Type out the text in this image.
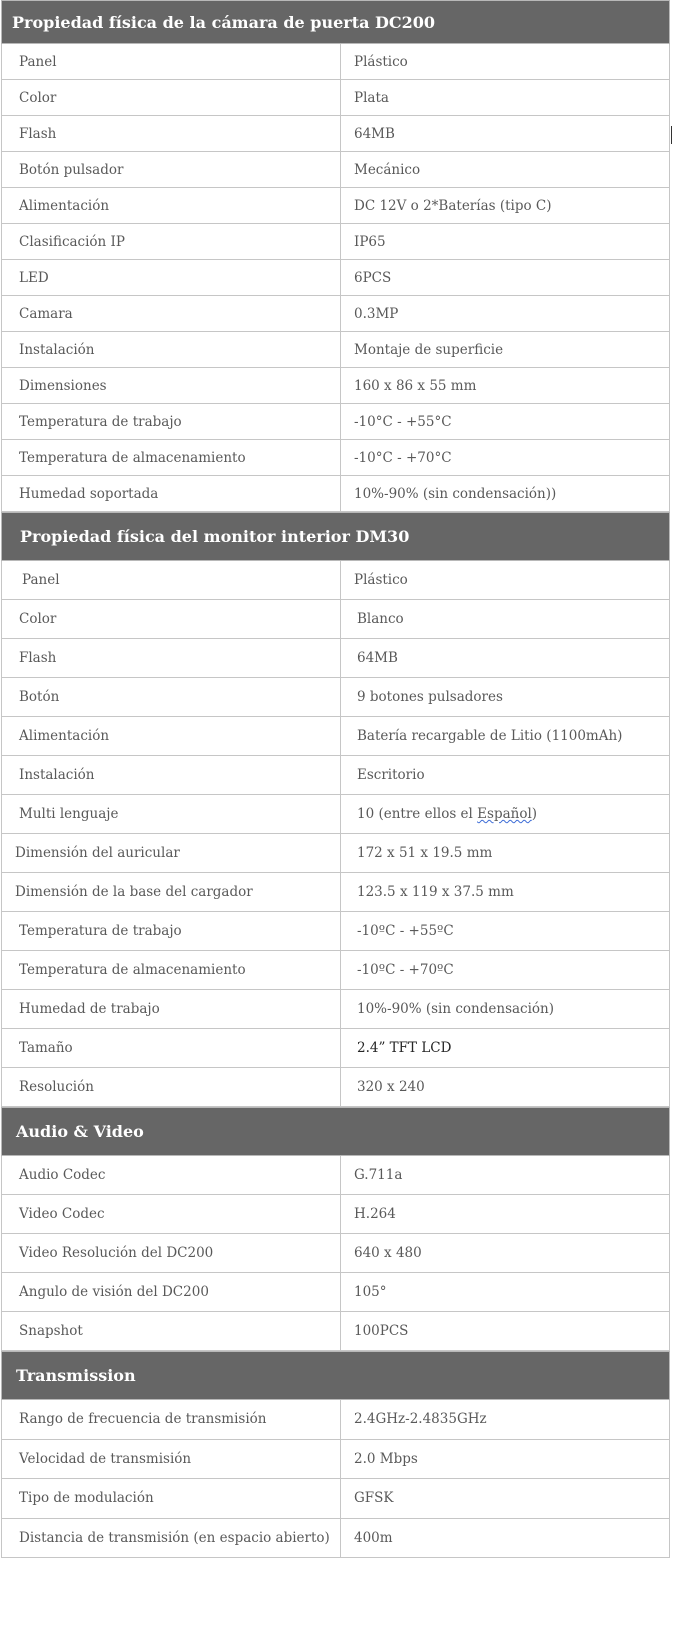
Propiedad física de la cámara de puerta DC200
Panel	Plástico
Color	Plata
Flash	64MB
Botón pulsador	Mecánico
Alimentación	DC 12V o 2*Baterías (tipo C)
Clasificación IP	IP65
LED	6PCS
Camara	0.3MP
Instalación	Montaje de superficie
Dimensiones	160 x 86 x 55 mm
Temperatura de trabajo	-10°C - +55°C
Temperatura de almacenamiento	-10°C - +70°C
Humedad soportada	10%-90% (sin condensación))
Propiedad física del monitor interior DM30
Panel	Plástico
Color	Blanco
Flash	64MB
Botón	9 botones pulsadores
Alimentación	Batería recargable de Litio (1100mAh)
Instalación	Escritorio
Multi lenguaje	10 (entre ellos el Español )
Dimensión del auricular	172 x 51 x 19.5 mm
Dimensión de la base del cargador	123.5 x 119 x 37.5 mm
Temperatura de trabajo	-10ºC - +55ºC
Temperatura de almacenamiento	-10ºC - +70ºC
Humedad de trabajo	10%-90% (sin condensación)
Tamaño	2.4” TFT LCD
Resolución	320 x 240
Audio & Video
Audio Codec	G.711a
Video Codec	H.264
Video Resolución del DC200	640 x 480
Angulo de visión del DC200	105°
Snapshot	100PCS
Transmission
Rango de frecuencia de transmisión	2.4GHz-2.4835GHz
Velocidad de transmisión	2.0 Mbps
Tipo de modulación	GFSK
Distancia de transmisión (en espacio abierto)	400m
